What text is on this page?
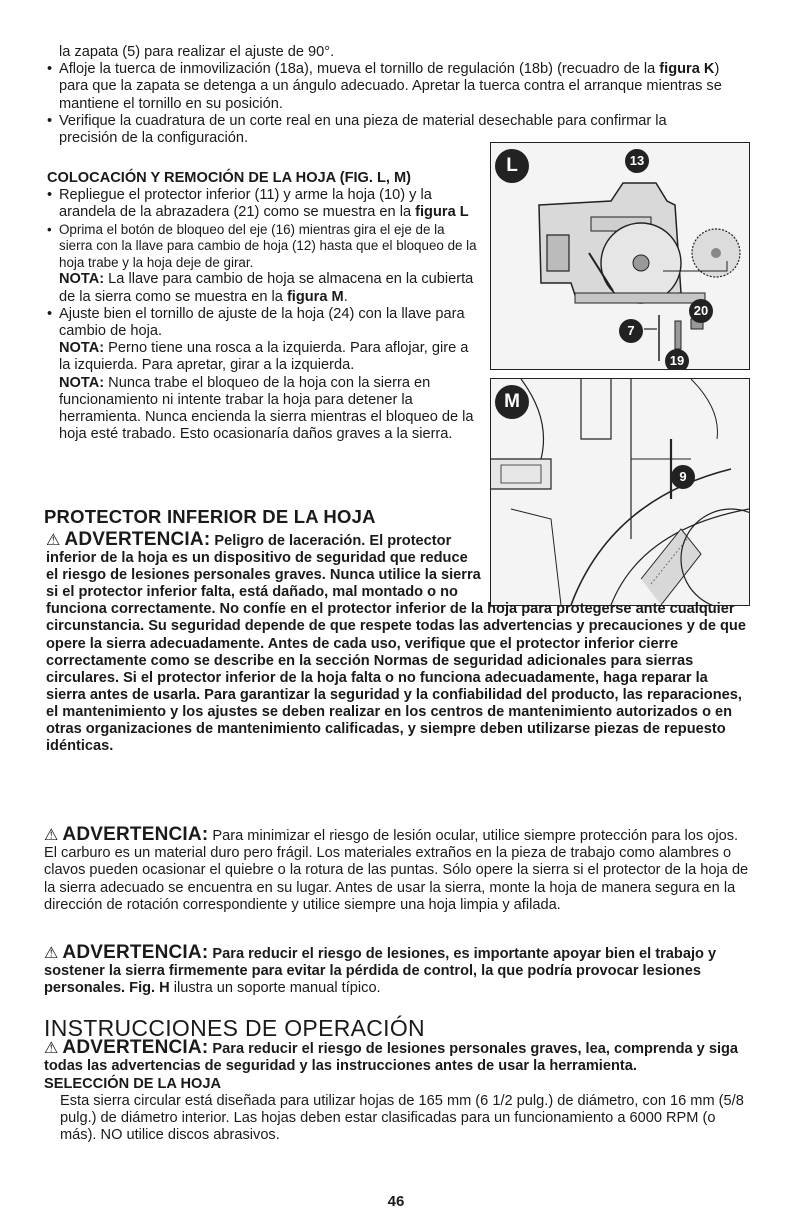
la zapata (5) para realizar el ajuste de 90°.
• Afloje la tuerca de inmovilización (18a), mueva el tornillo de regulación (18b) (recuadro de la figura K) para que la zapata se detenga a un ángulo adecuado. Apretar la tuerca contra el arranque mientras se mantiene el tornillo en su posición.
• Verifique la cuadratura de un corte real en una pieza de material desechable para confirmar la precisión de la configuración.
COLOCACIÓN Y REMOCIÓN DE LA HOJA (FIG. L, M)
• Repliegue el protector inferior (11) y arme la hoja (10) y la arandela de la abrazadera (21) como se muestra en la figura L
• Oprima el botón de bloqueo del eje (16) mientras gira el eje de la sierra con la llave para cambio de hoja (12) hasta que el bloqueo de la hoja trabe y la hoja deje de girar.
NOTA: La llave para cambio de hoja se almacena en la cubierta de la sierra como se muestra en la figura M.
• Ajuste bien el tornillo de ajuste de la hoja (24) con la llave para cambio de hoja.
NOTA: Perno tiene una rosca a la izquierda. Para aflojar, gire a la izquierda. Para apretar, girar a la izquierda.
NOTA: Nunca trabe el bloqueo de la hoja con la sierra en funcionamiento ni intente trabar la hoja para detener la herramienta. Nunca encienda la sierra mientras el bloqueo de la hoja esté trabado. Esto ocasionaría daños graves a la sierra.
L	13
20
7
19
M
9
PROTECTOR INFERIOR DE LA HOJA
⚠ ADVERTENCIA: Peligro de laceración. El protector inferior de la hoja es un dispositivo de seguridad que reduce el riesgo de lesiones personales graves. Nunca utilice la sierra si el protector inferior falta, está dañado, mal montado o no funciona correctamente. No confíe en el protector inferior de la hoja para protegerse ante cualquier circunstancia. Su seguridad depende de que respete todas las advertencias y precauciones y de que opere la sierra adecuadamente. Antes de cada uso, verifique que el protector inferior cierre correctamente como se describe en la sección Normas de seguridad adicionales para sierras circulares. Si el protector inferior de la hoja falta o no funciona adecuadamente, haga reparar la sierra antes de usarla. Para garantizar la seguridad y la confiabilidad del producto, las reparaciones, el mantenimiento y los ajustes se deben realizar en los centros de mantenimiento autorizados o en otras organizaciones de mantenimiento calificadas, y siempre deben utilizarse piezas de repuesto idénticas.
⚠ ADVERTENCIA: Para minimizar el riesgo de lesión ocular, utilice siempre protección para los ojos. El carburo es un material duro pero frágil. Los materiales extraños en la pieza de trabajo como alambres o clavos pueden ocasionar el quiebre o la rotura de las puntas. Sólo opere la sierra si el protector de la hoja de la sierra adecuado se encuentra en su lugar. Antes de usar la sierra, monte la hoja de manera segura en la dirección de rotación correspondiente y utilice siempre una hoja limpia y afilada.
⚠ ADVERTENCIA: Para reducir el riesgo de lesiones, es importante apoyar bien el trabajo y sostener la sierra firmemente para evitar la pérdida de control, la que podría provocar lesiones personales. Fig. H ilustra un soporte manual típico.
INSTRUCCIONES DE OPERACIÓN
⚠ ADVERTENCIA: Para reducir el riesgo de lesiones personales graves, lea, comprenda y siga todas las advertencias de seguridad y las instrucciones antes de usar la herramienta.
SELECCIÓN DE LA HOJA
Esta sierra circular está diseñada para utilizar hojas de 165 mm (6 1/2 pulg.) de diámetro, con 16 mm (5/8 pulg.) de diámetro interior. Las hojas deben estar clasificadas para un funcionamiento a 6000 RPM (o más). NO utilice discos abrasivos.
46
